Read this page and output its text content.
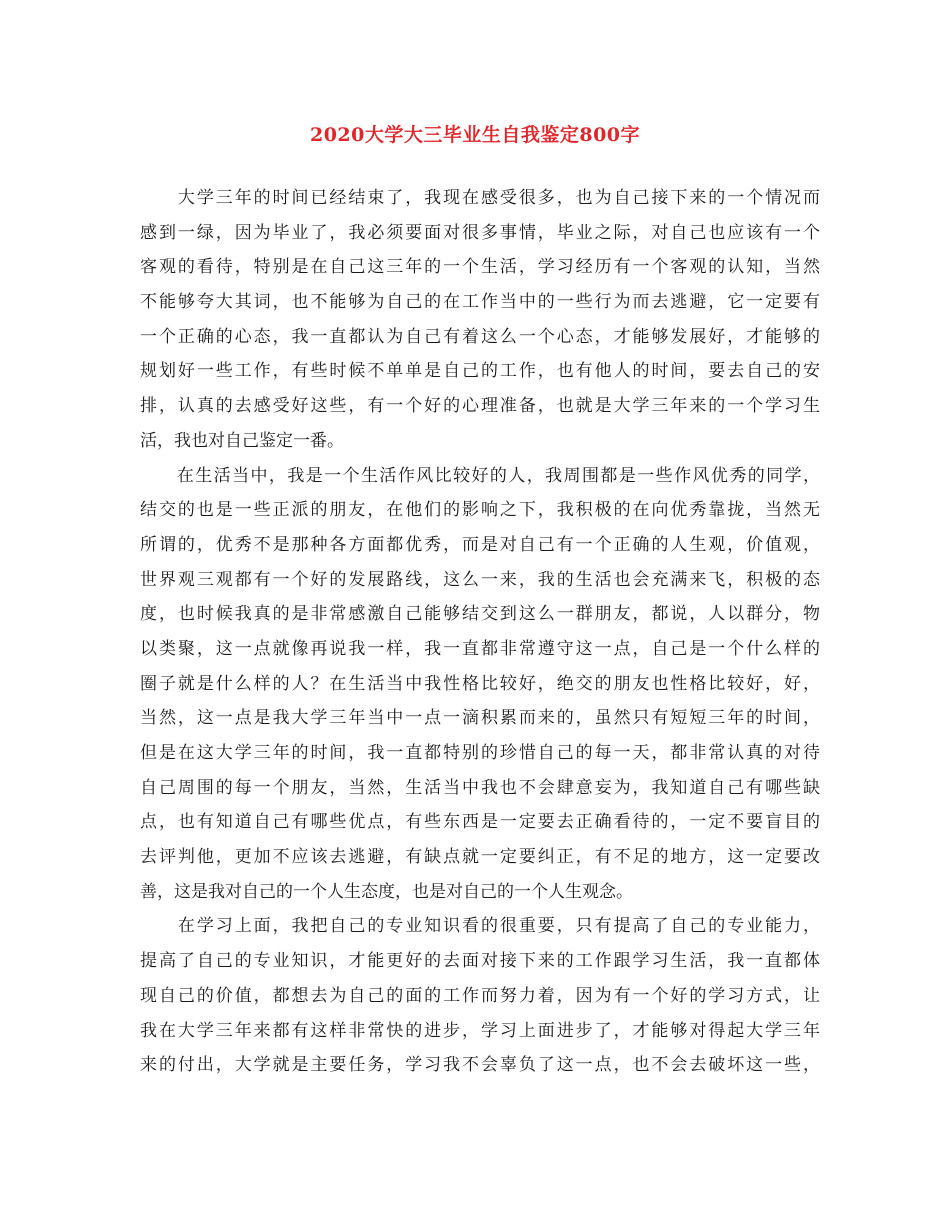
2020大学大三毕业生自我鉴定800字
　　大学三年的时间已经结束了，我现在感受很多，也为自己接下来的一个情况而
感到一绿，因为毕业了，我必须要面对很多事情，毕业之际，对自己也应该有一个
客观的看待，特别是在自己这三年的一个生活，学习经历有一个客观的认知，当然
不能够夸大其词，也不能够为自己的在工作当中的一些行为而去逃避，它一定要有
一个正确的心态，我一直都认为自己有着这么一个心态，才能够发展好，才能够的
规划好一些工作，有些时候不单单是自己的工作，也有他人的时间，要去自己的安
排，认真的去感受好这些，有一个好的心理准备，也就是大学三年来的一个学习生
活，我也对自己鉴定一番。
　　在生活当中，我是一个生活作风比较好的人，我周围都是一些作风优秀的同学，
结交的也是一些正派的朋友，在他们的影响之下，我积极的在向优秀靠拢，当然无
所谓的，优秀不是那种各方面都优秀，而是对自己有一个正确的人生观，价值观，
世界观三观都有一个好的发展路线，这么一来，我的生活也会充满来飞，积极的态
度，也时候我真的是非常感激自己能够结交到这么一群朋友，都说，人以群分，物
以类聚，这一点就像再说我一样，我一直都非常遵守这一点，自己是一个什么样的
圈子就是什么样的人？在生活当中我性格比较好，绝交的朋友也性格比较好，好，
当然，这一点是我大学三年当中一点一滴积累而来的，虽然只有短短三年的时间，
但是在这大学三年的时间，我一直都特别的珍惜自己的每一天，都非常认真的对待
自己周围的每一个朋友，当然，生活当中我也不会肆意妄为，我知道自己有哪些缺
点，也有知道自己有哪些优点，有些东西是一定要去正确看待的，一定不要盲目的
去评判他，更加不应该去逃避，有缺点就一定要纠正，有不足的地方，这一定要改
善，这是我对自己的一个人生态度，也是对自己的一个人生观念。
　　在学习上面，我把自己的专业知识看的很重要，只有提高了自己的专业能力，
提高了自己的专业知识，才能更好的去面对接下来的工作跟学习生活，我一直都体
现自己的价值，都想去为自己的面的工作而努力着，因为有一个好的学习方式，让
我在大学三年来都有这样非常快的进步，学习上面进步了，才能够对得起大学三年
来的付出，大学就是主要任务，学习我不会辜负了这一点，也不会去破坏这一些，
